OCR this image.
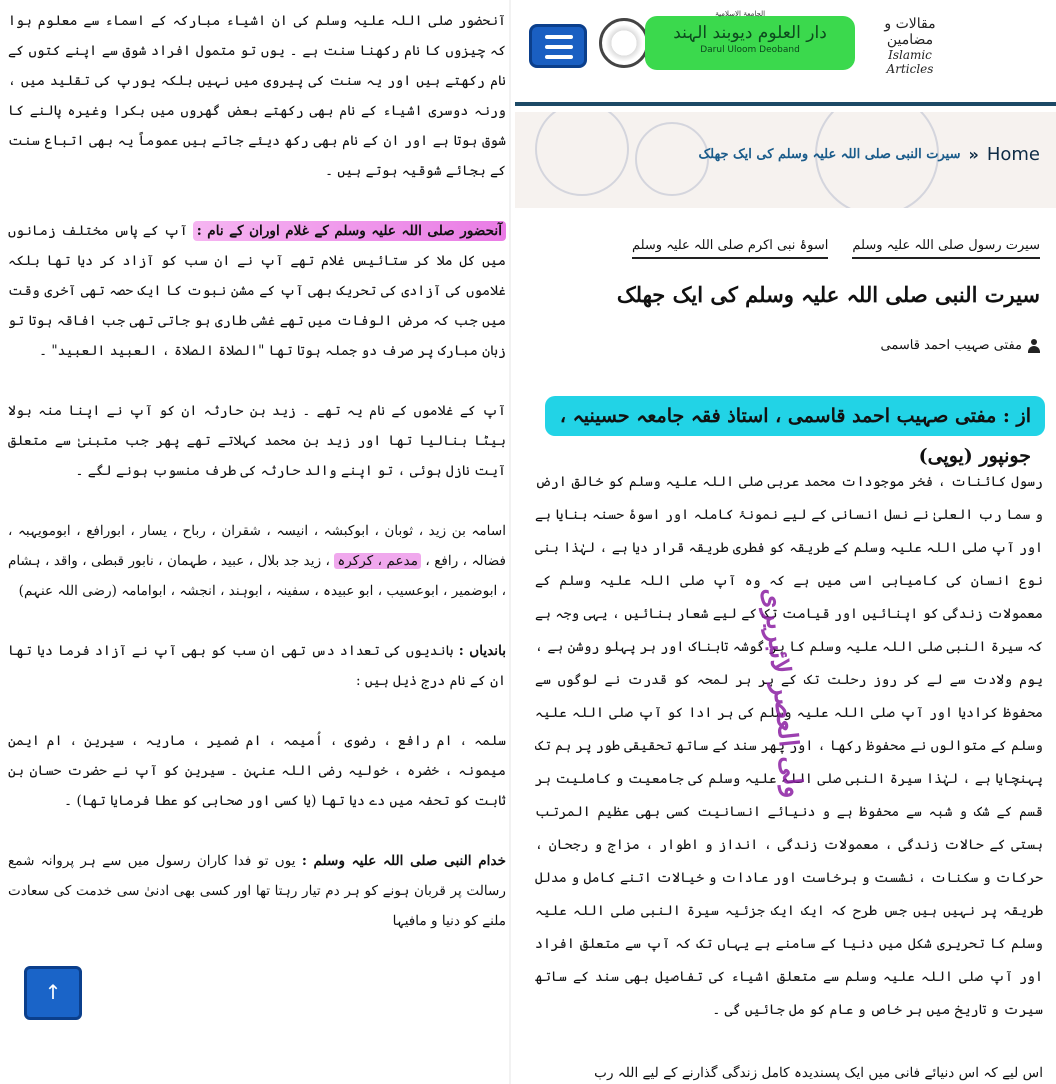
آنحضور صلی اللہ علیہ وسلم کی ان اشیاء مبارکہ کے اسماء سے معلوم ہوا کہ چیزوں کا نام رکھنا سنت ہے ۔ یوں تو متمول افراد شوق سے اپنے کتوں کے نام رکھتے ہیں اور یہ سنت کی پیروی میں نہیں بلکہ یورپ کی تقلید میں ، ورنہ دوسری اشیاء کے نام بھی رکھتے بعض گھروں میں بکرا وغیرہ پالنے کا شوق ہوتا ہے اور ان کے نام بھی رکھ دیئے جاتے ہیں عموماً یہ بھی اتباع سنت کے بجائے شوقیہ ہوتے ہیں ۔

آنحضور صلی اللہ علیہ وسلم کے غلام اوران کے نام : آپ کے پاس مختلف زمانوں میں کل ملا کر ستائیس غلام تھے آپ نے ان سب کو آزاد کر دیا تھا بلکہ غلاموں کی آزادی کی تحریک بھی آپ کے مشن نبوت کا ایک حصہ تھی آخری وقت میں جب کہ مرض الوفات میں تھے غشی طاری ہو جاتی تھی جب افاقہ ہوتا تو زبان مبارک پر صرف دو جملہ ہوتا تھا "الصلاۃ الصلاۃ ، العبید العبید" ۔

آپ کے غلاموں کے نام یہ تھے ۔ زید بن حارثہ ان کو آپ نے اپنا منہ بولا بیٹا بنالیا تھا اور زید بن محمد کہلاتے تھے پھر جب متبنیٰ سے متعلق آیت نازل ہوئی ، تو اپنے والد حارثہ کی طرف منسوب ہونے لگے ۔

اسامہ بن زید ، ثوبان ، ابوکبشہ ، انیسہ ، شقران ، رباح ، یسار ، ابورافع ، ابومویہبہ ، فضالہ ، رافع ، مدعم ، کرکرہ ، زید جد بلال ، عبید ، طہمان ، نابور قبطی ، واقد ، ہشام ، ابوضمیر ، ابوعسیب ، ابو عبیدہ ، سفینہ ، ابوہند ، انجشہ ، ابوامامہ (رضی اللہ عنہم)

باندیاں : باندیوں کی تعداد دس تھی ان سب کو بھی آپ نے آزاد فرما دیا تھا ان کے نام درج ذیل ہیں :

سلمہ ، ام رافع ، رضوی ، اُمیمہ ، ام ضمیر ، ماریہ ، سیرین ، ام ایمن میمونہ ، خضرہ ، خولیہ رضی اللہ عنہن ۔ سیرین کو آپ نے حضرت حسان بن ثابت کو تحفہ میں دے دیا تھا (یا کسی اور صحابی کو عطا فرمایا تھا) ۔

خدام النبی صلی اللہ علیہ وسلم : یوں تو فدا کاران رسول میں سے ہر پروانہ شمع رسالت پر قربان ہونے کو ہر دم تیار رہتا تھا اور کسی بھی ادنیٰ سی خدمت کی سعادت ملنے کو دنیا و مافیہا

دار العلوم دیوبند الہند
Darul Uloom Deoband
الجامعۃ الاسلامیۃ
مقالات و مضامین
Islamic Articles
سیرت النبی صلی اللہ علیہ وسلم کی ایک جھلک » Home
سیرت رسول صلی اللہ علیہ وسلم
اسوۂ نبی اکرم صلی اللہ علیہ وسلم
سیرت النبی صلی اللہ علیہ وسلم کی ایک جھلک
مفتی صہیب احمد قاسمی
از : مفتی صہیب احمد قاسمی ، استاذ فقہ جامعہ حسینیہ ، جونپور (یوپی)

رسول کائنات ، فخر موجودات محمد عربی صلی اللہ علیہ وسلم کو خالق ارض و سما رب العلیٰ نے نسل انسانی کے لیے نمونۂ کاملہ اور اسوۂ حسنہ بنایا ہے اور آپ صلی اللہ علیہ وسلم کے طریقہ کو فطری طریقہ قرار دیا ہے ، لہٰذا بنی نوع انسان کی کامیابی اسی میں ہے کہ وہ آپ صلی اللہ علیہ وسلم کے معمولات زندگی کو اپنائیں اور قیامت تک کے لیے شعار بنائیں ، یہی وجہ ہے کہ سیرۃ النبی صلی اللہ علیہ وسلم کا ہر گوشہ تابناک اور ہر پہلو روشن ہے ، یوم ولادت سے لے کر روز رحلت تک کے ہر ہر لمحہ کو قدرت نے لوگوں سے محفوظ کرادیا اور آپ صلی اللہ علیہ وسلم کی ہر ادا کو آپ صلی اللہ علیہ وسلم کے متوالوں نے محفوظ رکھا ، اور پھر سند کے ساتھ تحقیقی طور پر ہم تک پہنچایا ہے ، لہٰذا سیرۃ النبی صلی اللہ علیہ وسلم کی جامعیت و کاملیت ہر قسم کے شک و شبہ سے محفوظ ہے و دنیائے انسانیت کسی بھی عظیم المرتب ہستی کے حالات زندگی ، معمولات زندگی ، انداز و اطوار ، مزاج و رجحان ، حرکات و سکنات ، نشست و برخاست اور عادات و خیالات اتنے کامل و مدلل طریقہ پر نہیں ہیں جس طرح کہ ایک ایک جزئیہ سیرۃ النبی صلی اللہ علیہ وسلم کا تحریری شکل میں دنیا کے سامنے ہے یہاں تک کہ آپ سے متعلق افراد اور آپ صلی اللہ علیہ وسلم سے متعلق اشیاء کی تفاصیل بھی سند کے ساتھ سیرت و تاریخ میں ہر خاص و عام کو مل جائیں گی ۔

اس لیے کہ اس دنیائے فانی میں ایک پسندیدہ کامل زندگی گذارنے کے لیے اللہ رب

ولی العصر لائبریری
↑
